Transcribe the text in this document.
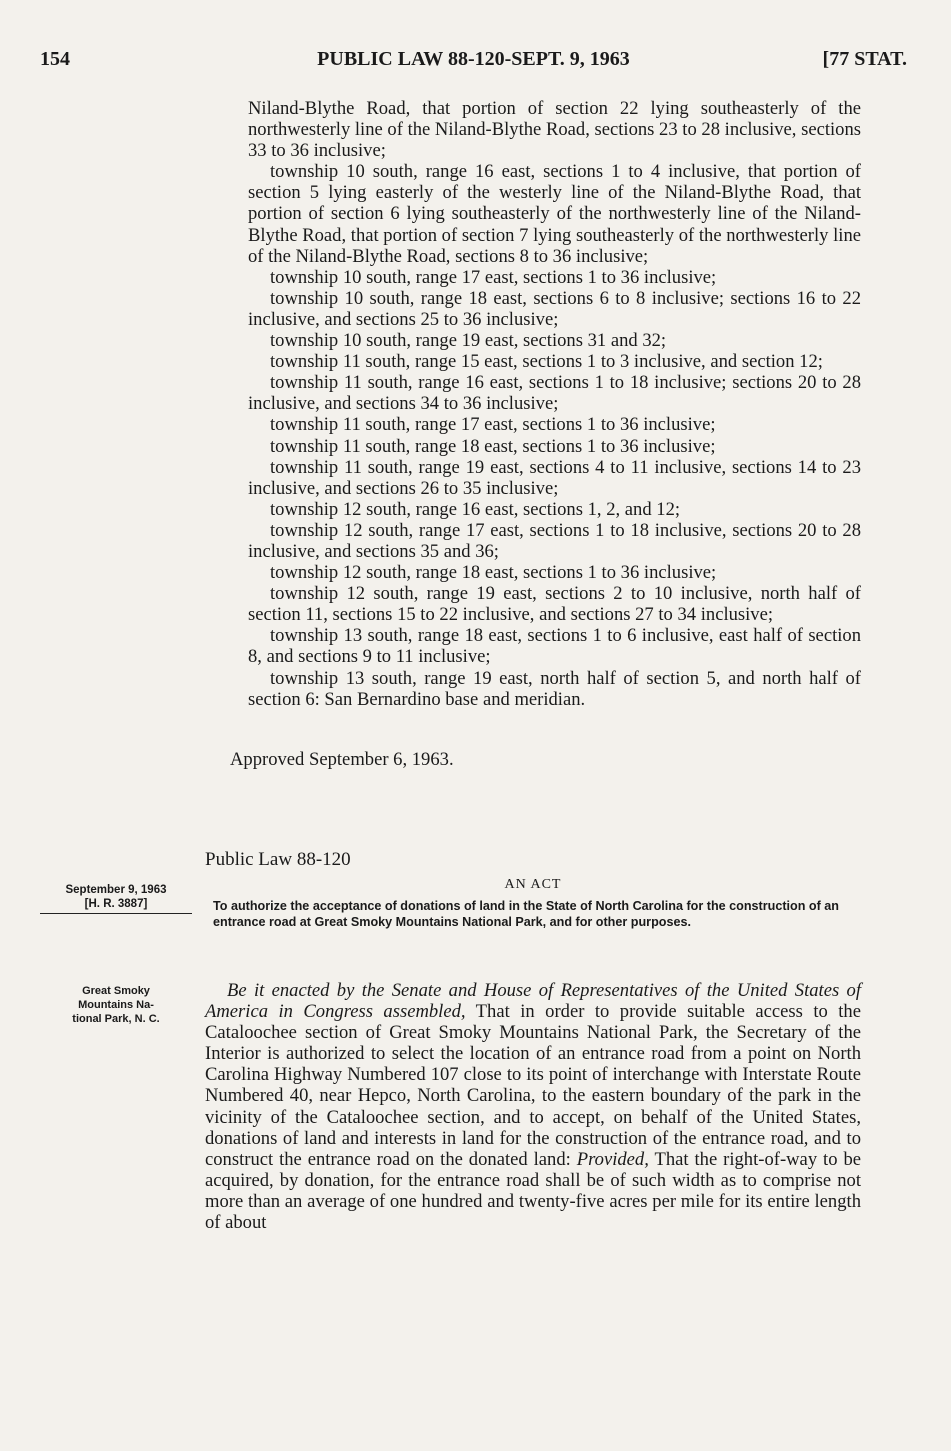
154	PUBLIC LAW 88-120-SEPT. 9, 1963	[77 STAT.

Niland-Blythe Road, that portion of section 22 lying southeasterly of the northwesterly line of the Niland-Blythe Road, sections 23 to 28 inclusive, sections 33 to 36 inclusive;

township 10 south, range 16 east, sections 1 to 4 inclusive, that portion of section 5 lying easterly of the westerly line of the Niland-Blythe Road, that portion of section 6 lying southeasterly of the northwesterly line of the Niland-Blythe Road, that portion of section 7 lying southeasterly of the northwesterly line of the Niland-Blythe Road, sections 8 to 36 inclusive;

township 10 south, range 17 east, sections 1 to 36 inclusive;

township 10 south, range 18 east, sections 6 to 8 inclusive; sections 16 to 22 inclusive, and sections 25 to 36 inclusive;

township 10 south, range 19 east, sections 31 and 32;

township 11 south, range 15 east, sections 1 to 3 inclusive, and section 12;

township 11 south, range 16 east, sections 1 to 18 inclusive; sections 20 to 28 inclusive, and sections 34 to 36 inclusive;

township 11 south, range 17 east, sections 1 to 36 inclusive;

township 11 south, range 18 east, sections 1 to 36 inclusive;

township 11 south, range 19 east, sections 4 to 11 inclusive, sections 14 to 23 inclusive, and sections 26 to 35 inclusive;

township 12 south, range 16 east, sections 1, 2, and 12;

township 12 south, range 17 east, sections 1 to 18 inclusive, sections 20 to 28 inclusive, and sections 35 and 36;

township 12 south, range 18 east, sections 1 to 36 inclusive;

township 12 south, range 19 east, sections 2 to 10 inclusive, north half of section 11, sections 15 to 22 inclusive, and sections 27 to 34 inclusive;

township 13 south, range 18 east, sections 1 to 6 inclusive, east half of section 8, and sections 9 to 11 inclusive;

township 13 south, range 19 east, north half of section 5, and north half of section 6: San Bernardino base and meridian.

Approved September 6, 1963.
Public Law 88-120
September 9, 1963
[H. R. 3887]
AN ACT
To authorize the acceptance of donations of land in the State of North Carolina for the construction of an entrance road at Great Smoky Mountains National Park, and for other purposes.
Great Smoky
Mountains Na-
tional Park, N. C.

Be it enacted by the Senate and House of Representatives of the United States of America in Congress assembled, That in order to provide suitable access to the Cataloochee section of Great Smoky Mountains National Park, the Secretary of the Interior is authorized to select the location of an entrance road from a point on North Carolina Highway Numbered 107 close to its point of interchange with Interstate Route Numbered 40, near Hepco, North Carolina, to the eastern boundary of the park in the vicinity of the Cataloochee section, and to accept, on behalf of the United States, donations of land and interests in land for the construction of the entrance road, and to construct the entrance road on the donated land: Provided, That the right-of-way to be acquired, by donation, for the entrance road shall be of such width as to comprise not more than an average of one hundred and twenty-five acres per mile for its entire length of about
